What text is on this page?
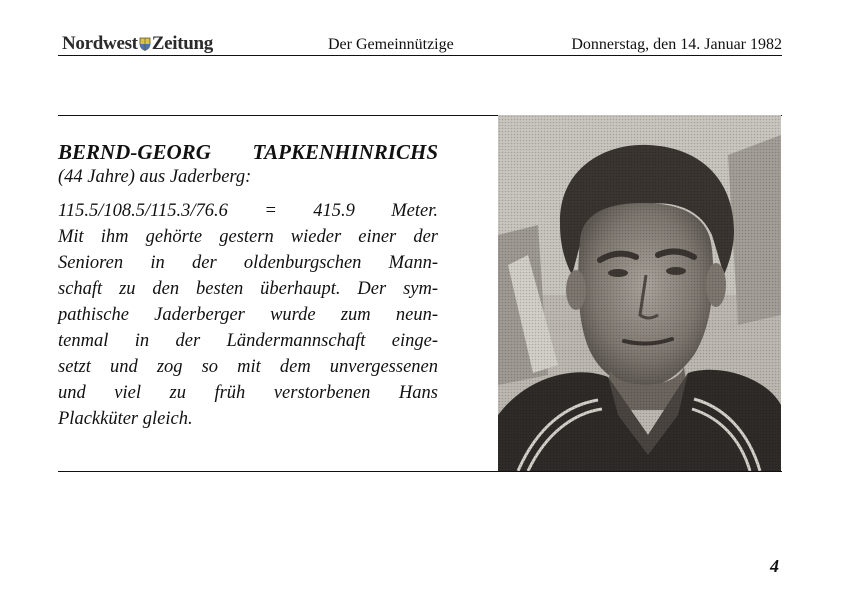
Nordwest Zeitung	Der Gemeinnützige	Donnerstag, den 14. Januar 1982
BERND-GEORG TAPKENHINRICHS
(44 Jahre) aus Jaderberg:
115.5/108.5/115.3/76.6 = 415.9 Meter.
Mit ihm gehörte gestern wieder einer der
Senioren in der oldenburgschen Mann-
schaft zu den besten überhaupt. Der sym-
pathische Jaderberger wurde zum neun-
tenmal in der Ländermannschaft einge-
setzt und zog so mit dem unvergessenen
und viel zu früh verstorbenen Hans
Plackküter gleich.
4
